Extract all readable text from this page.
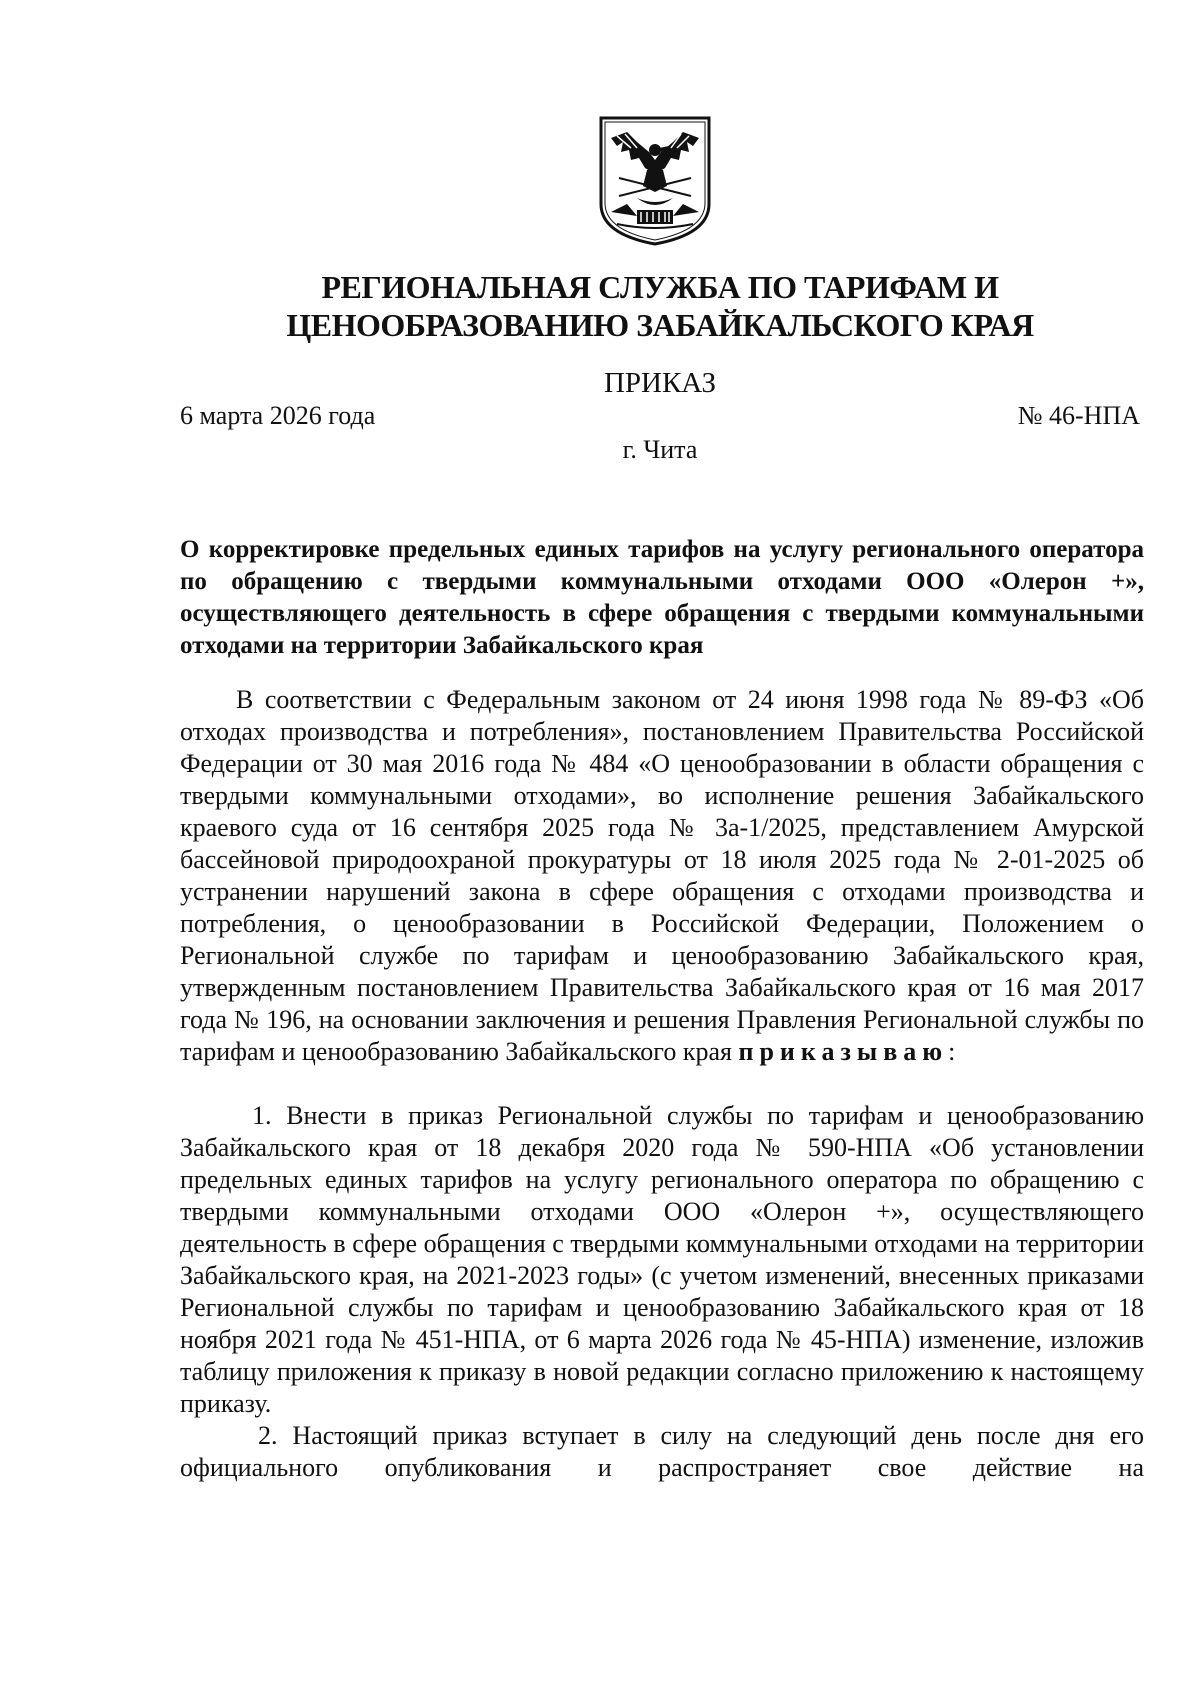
РЕГИОНАЛЬНАЯ СЛУЖБА ПО ТАРИФАМ И
ЦЕНООБРАЗОВАНИЮ ЗАБАЙКАЛЬСКОГО КРАЯ
ПРИКАЗ
6 марта 2026 года	№ 46-НПА
г. Чита
О корректировке предельных единых тарифов на услугу регионального оператора по обращению с твердыми коммунальными отходами ООО «Олерон +», осуществляющего деятельность в сфере обращения с твердыми коммунальными отходами на территории Забайкальского края

В соответствии с Федеральным законом от 24 июня 1998 года № 89-ФЗ «Об отходах производства и потребления», постановлением Правительства Российской Федерации от 30 мая 2016 года № 484 «О ценообразовании в области обращения с твердыми коммунальными отходами», во исполнение решения Забайкальского краевого суда от 16 сентября 2025 года № 3а-1/2025, представлением Амурской бассейновой природоохраной прокуратуры от 18 июля 2025 года № 2-01-2025 об устранении нарушений закона в сфере обращения с отходами производства и потребления, о ценообразовании в Российской Федерации, Положением о Региональной службе по тарифам и ценообразованию Забайкальского края, утвержденным постановлением Правительства Забайкальского края от 16 мая 2017 года № 196, на основании заключения и решения Правления Региональной службы по тарифам и ценообразованию Забайкальского края приказываю:

1. Внести в приказ Региональной службы по тарифам и ценообразованию Забайкальского края от 18 декабря 2020 года № 590-НПА «Об установлении предельных единых тарифов на услугу регионального оператора по обращению с твердыми коммунальными отходами ООО «Олерон +», осуществляющего деятельность в сфере обращения с твердыми коммунальными отходами на территории Забайкальского края, на 2021-2023 годы» (с учетом изменений, внесенных приказами Региональной службы по тарифам и ценообразованию Забайкальского края от 18 ноября 2021 года № 451-НПА, от 6 марта 2026 года № 45-НПА) изменение, изложив таблицу приложения к приказу в новой редакции согласно приложению к настоящему приказу.

2. Настоящий приказ вступает в силу на следующий день после дня его официального опубликования и распространяет свое действие на
